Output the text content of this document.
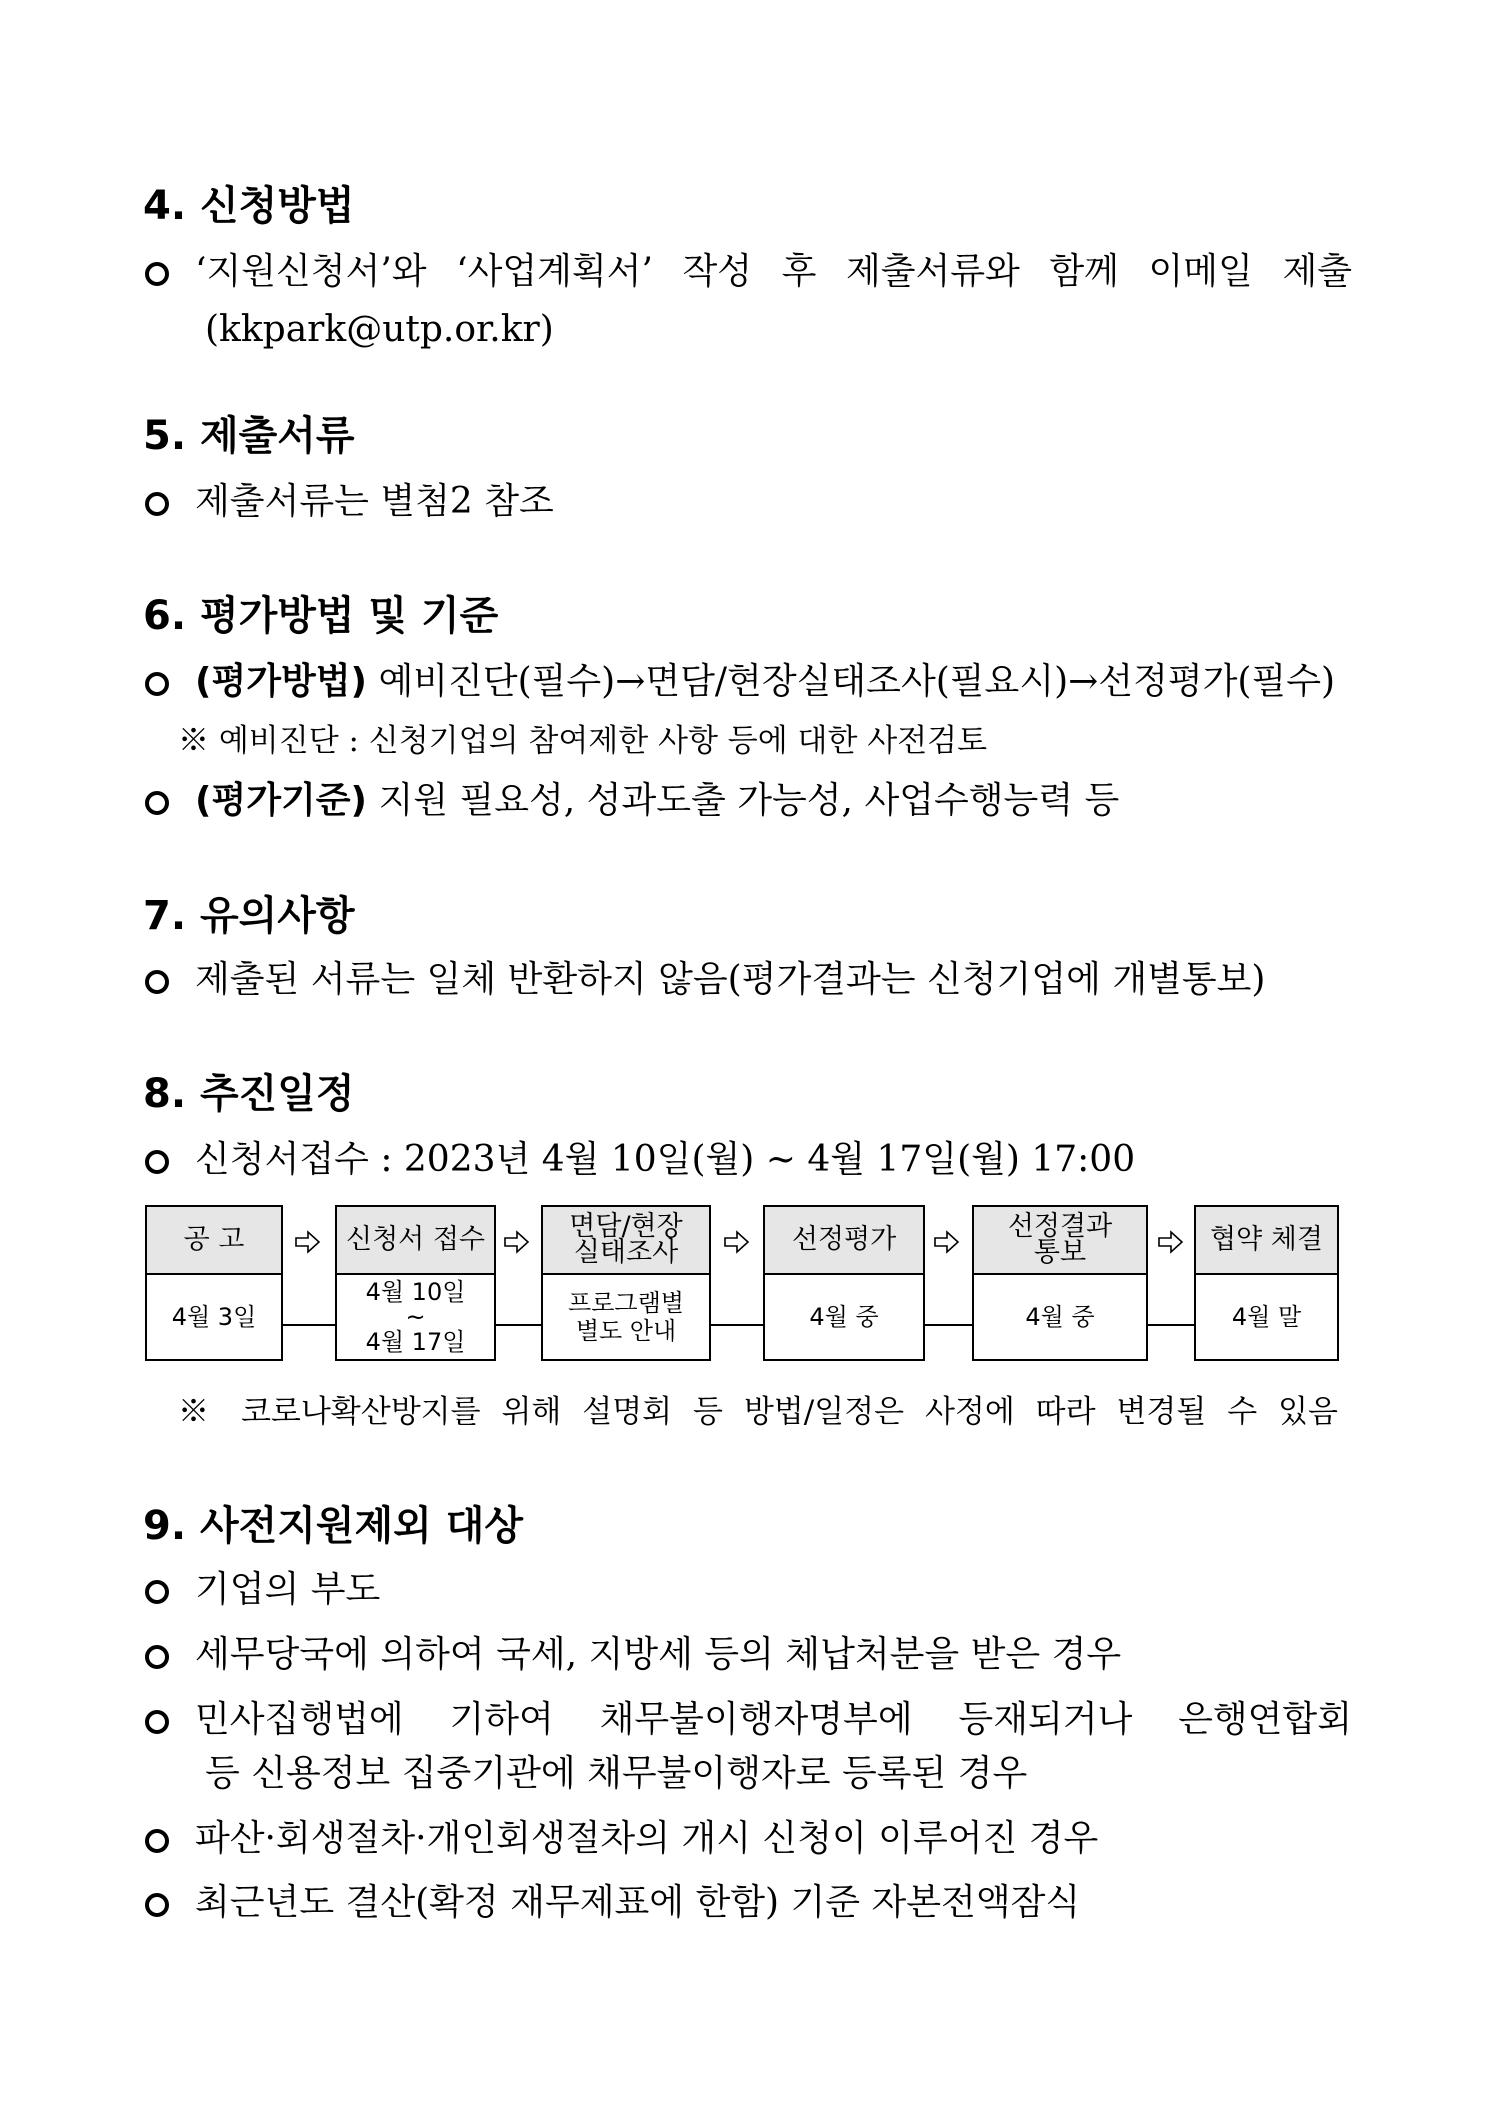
4. 신청방법
‘지원신청서’와 ‘사업계획서’ 작성 후 제출서류와 함께 이메일 제출
(kkpark@utp.or.kr)
5. 제출서류
제출서류는 별첨2 참조
6. 평가방법 및 기준
(평가방법) 예비진단(필수)→면담/현장실태조사(필요시)→선정평가(필수)
※ 예비진단 : 신청기업의 참여제한 사항 등에 대한 사전검토
(평가기준) 지원 필요성, 성과도출 가능성, 사업수행능력 등
7. 유의사항
제출된 서류는 일체 반환하지 않음(평가결과는 신청기업에 개별통보)
8. 추진일정
신청서접수 : 2023년 4월 10일(월) ~ 4월 17일(월) 17:00
공 고
4월 3일
신청서 접수
4월 10일
~
4월 17일
면담/현장
실태조사
프로그램별
별도 안내
선정평가
4월 중
선정결과
통보
4월 중
협약 체결
4월 말
※ 코로나확산방지를 위해 설명회 등 방법/일정은 사정에 따라 변경될 수 있음
9. 사전지원제외 대상
기업의 부도
세무당국에 의하여 국세, 지방세 등의 체납처분을 받은 경우
민사집행법에 기하여 채무불이행자명부에 등재되거나 은행연합회
등 신용정보 집중기관에 채무불이행자로 등록된 경우
파산·회생절차·개인회생절차의 개시 신청이 이루어진 경우
최근년도 결산(확정 재무제표에 한함) 기준 자본전액잠식
